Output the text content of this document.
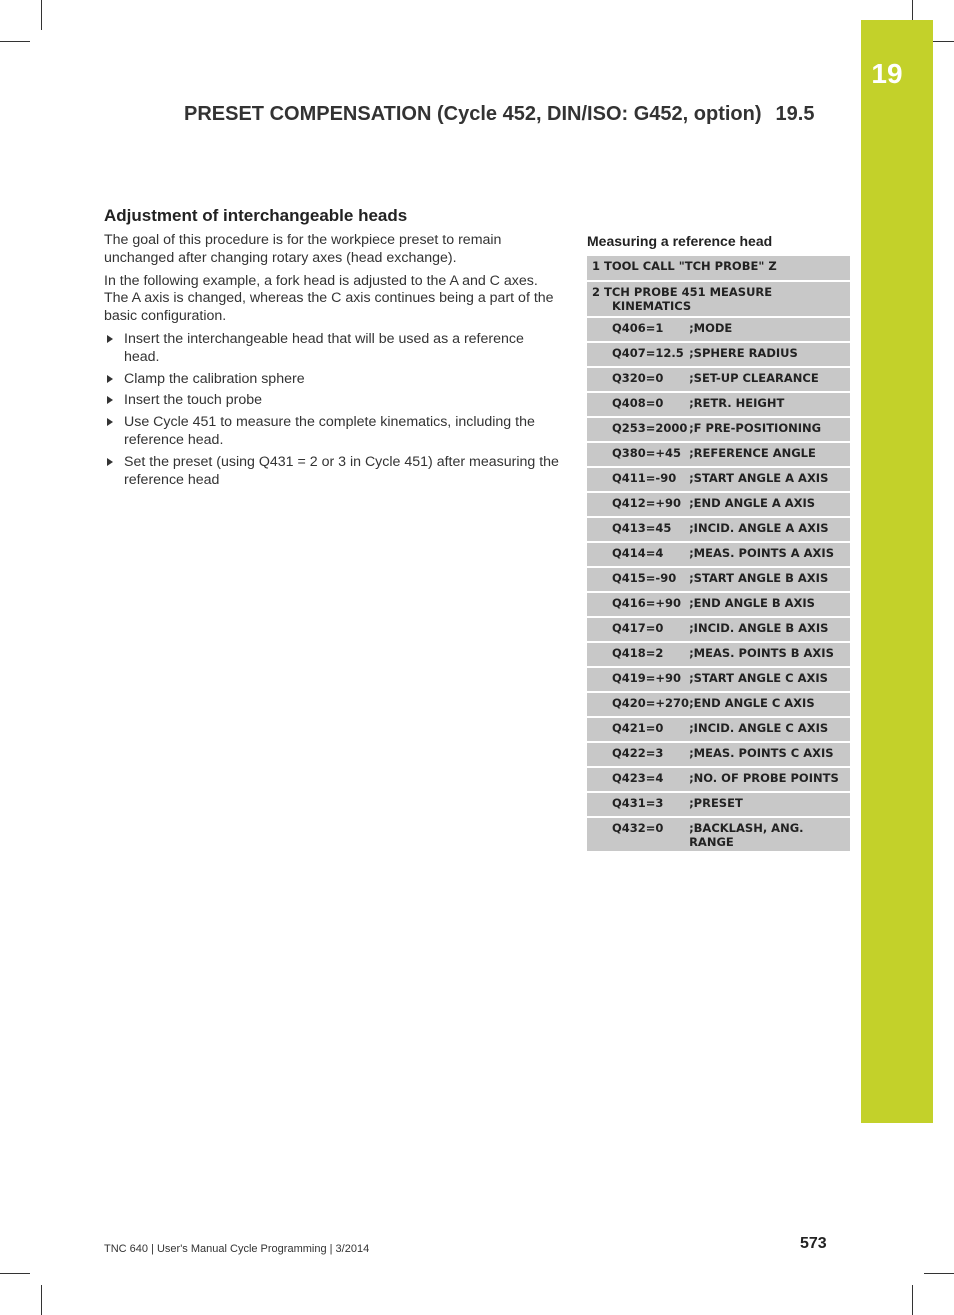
19
PRESET COMPENSATION (Cycle 452, DIN/ISO: G452, option) 19.5
Adjustment of interchangeable heads

The goal of this procedure is for the workpiece preset to remain unchanged after changing rotary axes (head exchange).

In the following example, a fork head is adjusted to the A and C axes. The A axis is changed, whereas the C axis continues being a part of the basic configuration.

Insert the interchangeable head that will be used as a reference head.
Clamp the calibration sphere
Insert the touch probe
Use Cycle 451 to measure the complete kinematics, including the reference head.
Set the preset (using Q431 = 2 or 3 in Cycle 451) after measuring the reference head
Measuring a reference head
1 TOOL CALL "TCH PROBE" Z	
2 TCH PROBE 451 MEASURE
KINEMATICS	

Q406=1	;MODE
Q407=12.5	;SPHERE RADIUS
Q320=0	;SET-UP CLEARANCE
Q408=0	;RETR. HEIGHT
Q253=2000	;F PRE-POSITIONING
Q380=+45	;REFERENCE ANGLE
Q411=-90	;START ANGLE A AXIS
Q412=+90	;END ANGLE A AXIS
Q413=45	;INCID. ANGLE A AXIS
Q414=4	;MEAS. POINTS A AXIS
Q415=-90	;START ANGLE B AXIS
Q416=+90	;END ANGLE B AXIS
Q417=0	;INCID. ANGLE B AXIS
Q418=2	;MEAS. POINTS B AXIS
Q419=+90	;START ANGLE C AXIS
Q420=+270	;END ANGLE C AXIS
Q421=0	;INCID. ANGLE C AXIS
Q422=3	;MEAS. POINTS C AXIS
Q423=4	;NO. OF PROBE POINTS
Q431=3	;PRESET
Q432=0	;BACKLASH, ANG. RANGE
TNC 640 | User's Manual Cycle Programming | 3/2014	573
